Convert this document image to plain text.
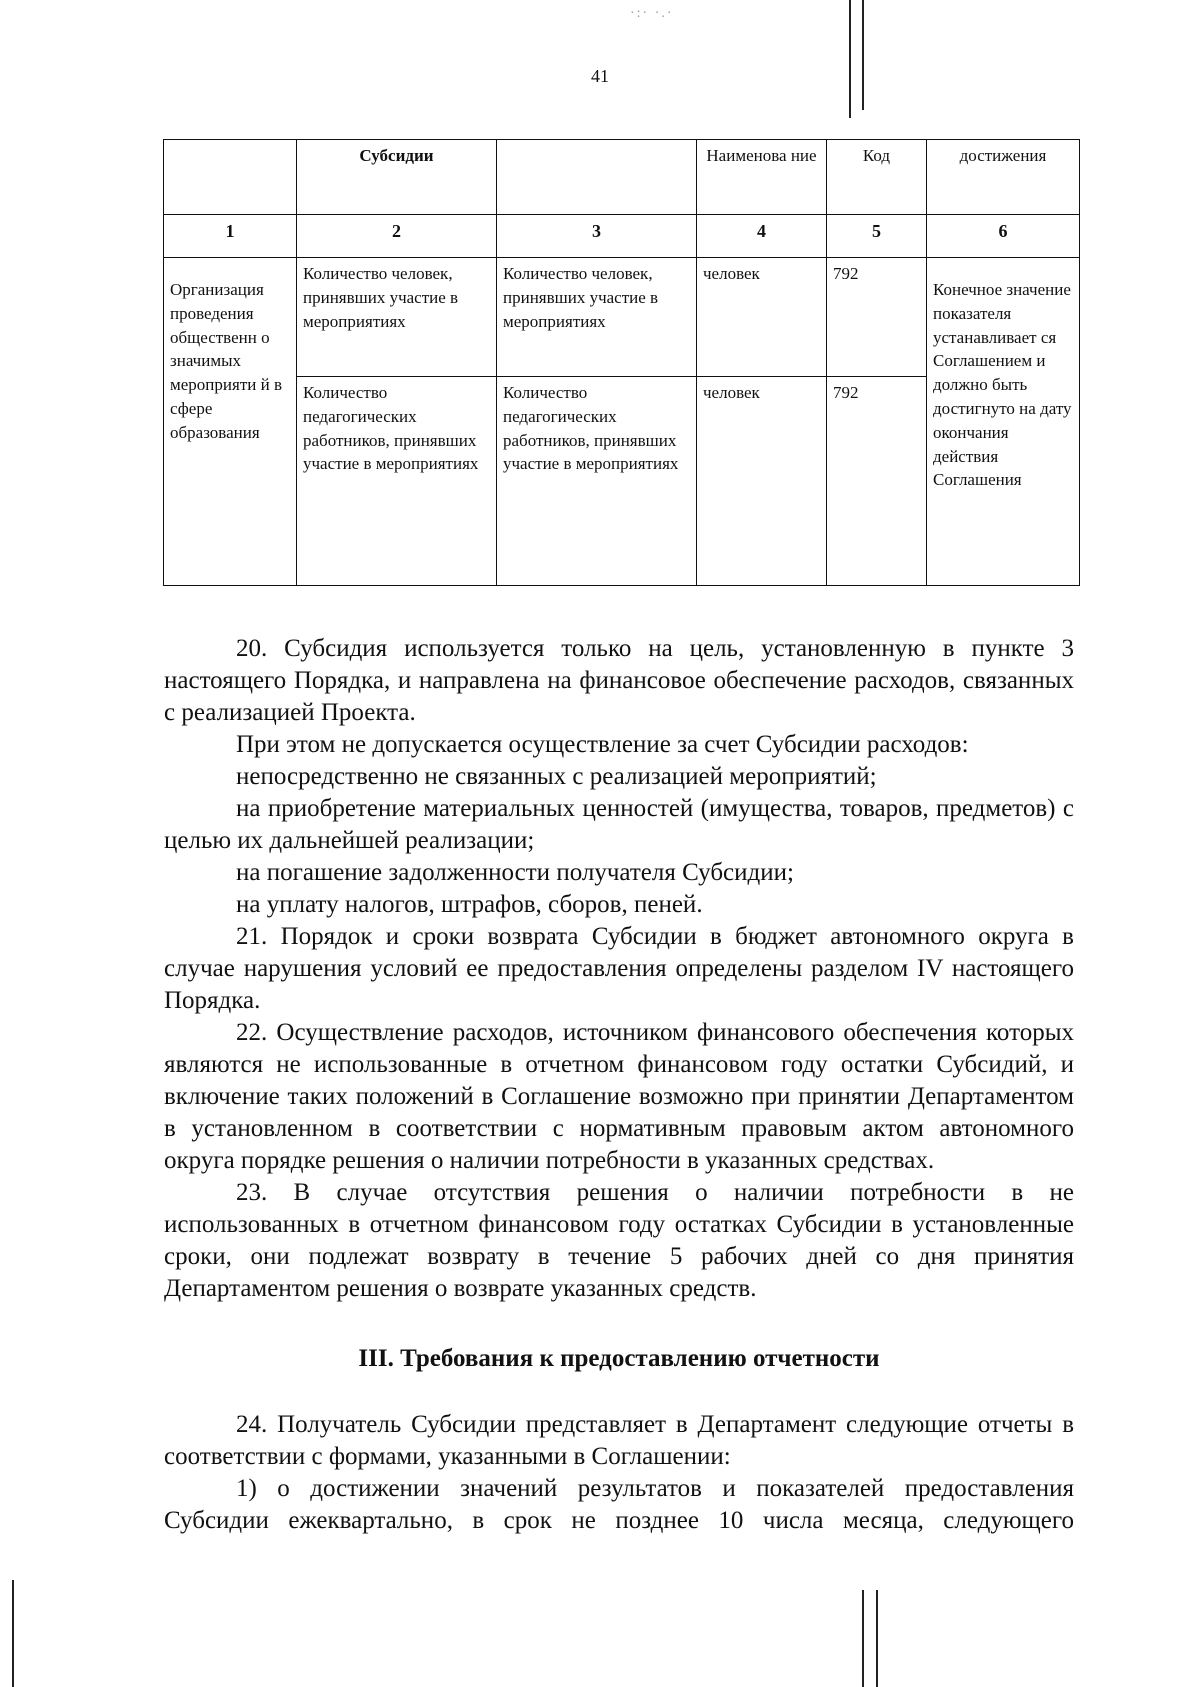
41
·:· ·.·
	Субсидии		Наименова ние	Код	достижения
1	2	3	4	5	6
Организация проведения общественн о значимых мероприяти й в сфере образования	Количество человек, принявших участие в мероприятиях	Количество человек, принявших участие в мероприятиях	человек	792	Конечное значение показателя устанавливает ся Соглашением и должно быть достигнуто на дату окончания действия Соглашения
	Количество педагогических работников, принявших участие в мероприятиях	Количество педагогических работников, принявших участие в мероприятиях	человек	792	

20. Субсидия используется только на цель, установленную в пункте 3 настоящего Порядка, и направлена на финансовое обеспечение расходов, связанных с реализацией Проекта.

При этом не допускается осуществление за счет Субсидии расходов:

непосредственно не связанных с реализацией мероприятий;

на приобретение материальных ценностей (имущества, товаров, предметов) с целью их дальнейшей реализации;

на погашение задолженности получателя Субсидии;

на уплату налогов, штрафов, сборов, пеней.

21. Порядок и сроки возврата Субсидии в бюджет автономного округа в случае нарушения условий ее предоставления определены разделом IV настоящего Порядка.

22. Осуществление расходов, источником финансового обеспечения которых являются не использованные в отчетном финансовом году остатки Субсидий, и включение таких положений в Соглашение возможно при принятии Департаментом в установленном в соответствии с нормативным правовым актом автономного округа порядке решения о наличии потребности в указанных средствах.

23. В случае отсутствия решения о наличии потребности в не использованных в отчетном финансовом году остатках Субсидии в установленные сроки, они подлежат возврату в течение 5 рабочих дней со дня принятия Департаментом решения о возврате указанных средств.

III. Требования к предоставлению отчетности

24. Получатель Субсидии представляет в Департамент следующие отчеты в соответствии с формами, указанными в Соглашении:

1) о достижении значений результатов и показателей предоставления Субсидии ежеквартально, в срок не позднее 10 числа месяца, следующего
